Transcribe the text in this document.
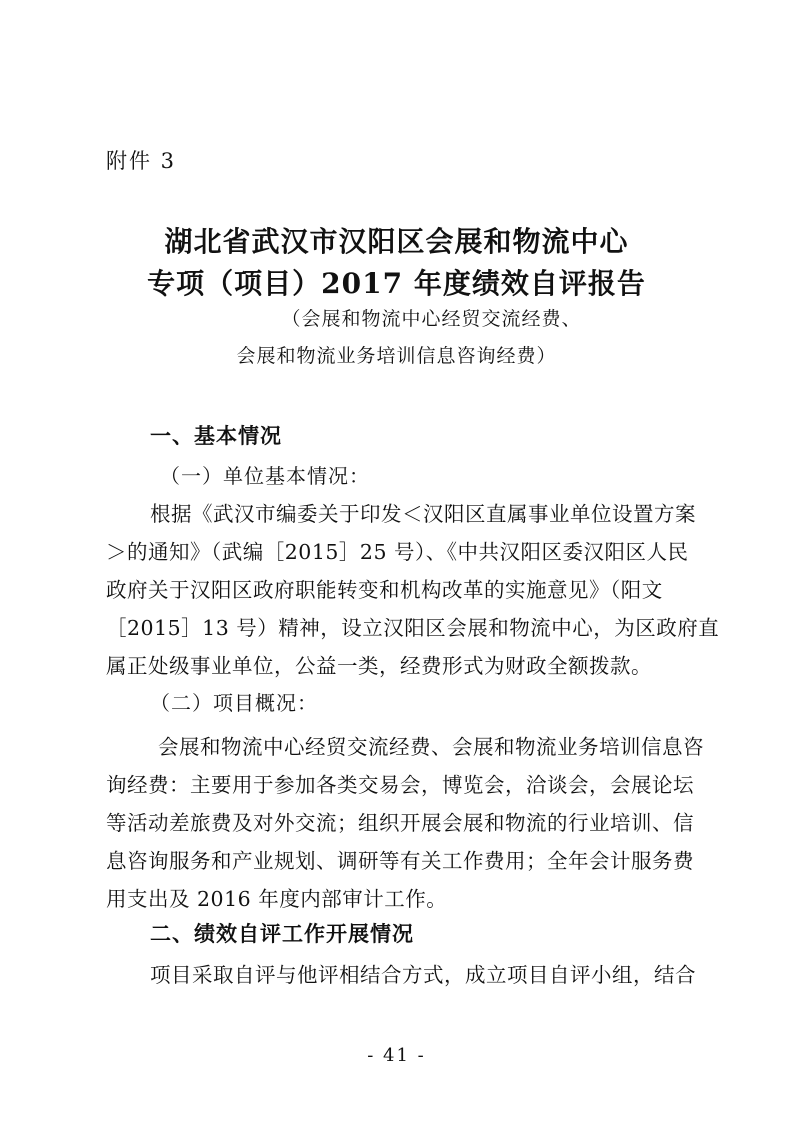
附件 3
湖北省武汉市汉阳区会展和物流中心
专项（项目）2017 年度绩效自评报告
（会展和物流中心经贸交流经费、
会展和物流业务培训信息咨询经费）
一、基本情况
（一）单位基本情况：
根据《武汉市编委关于印发＜汉阳区直属事业单位设置方案
＞的通知》（武编［2015］25 号）、《中共汉阳区委汉阳区人民
政府关于汉阳区政府职能转变和机构改革的实施意见》（阳文
［2015］13 号）精神，设立汉阳区会展和物流中心，为区政府直
属正处级事业单位，公益一类，经费形式为财政全额拨款。
（二）项目概况：
会展和物流中心经贸交流经费、会展和物流业务培训信息咨
询经费：主要用于参加各类交易会，博览会，洽谈会，会展论坛
等活动差旅费及对外交流；组织开展会展和物流的行业培训、信
息咨询服务和产业规划、调研等有关工作费用；全年会计服务费
用支出及 2016 年度内部审计工作。
二、绩效自评工作开展情况
项目采取自评与他评相结合方式，成立项目自评小组，结合
- 41 -
